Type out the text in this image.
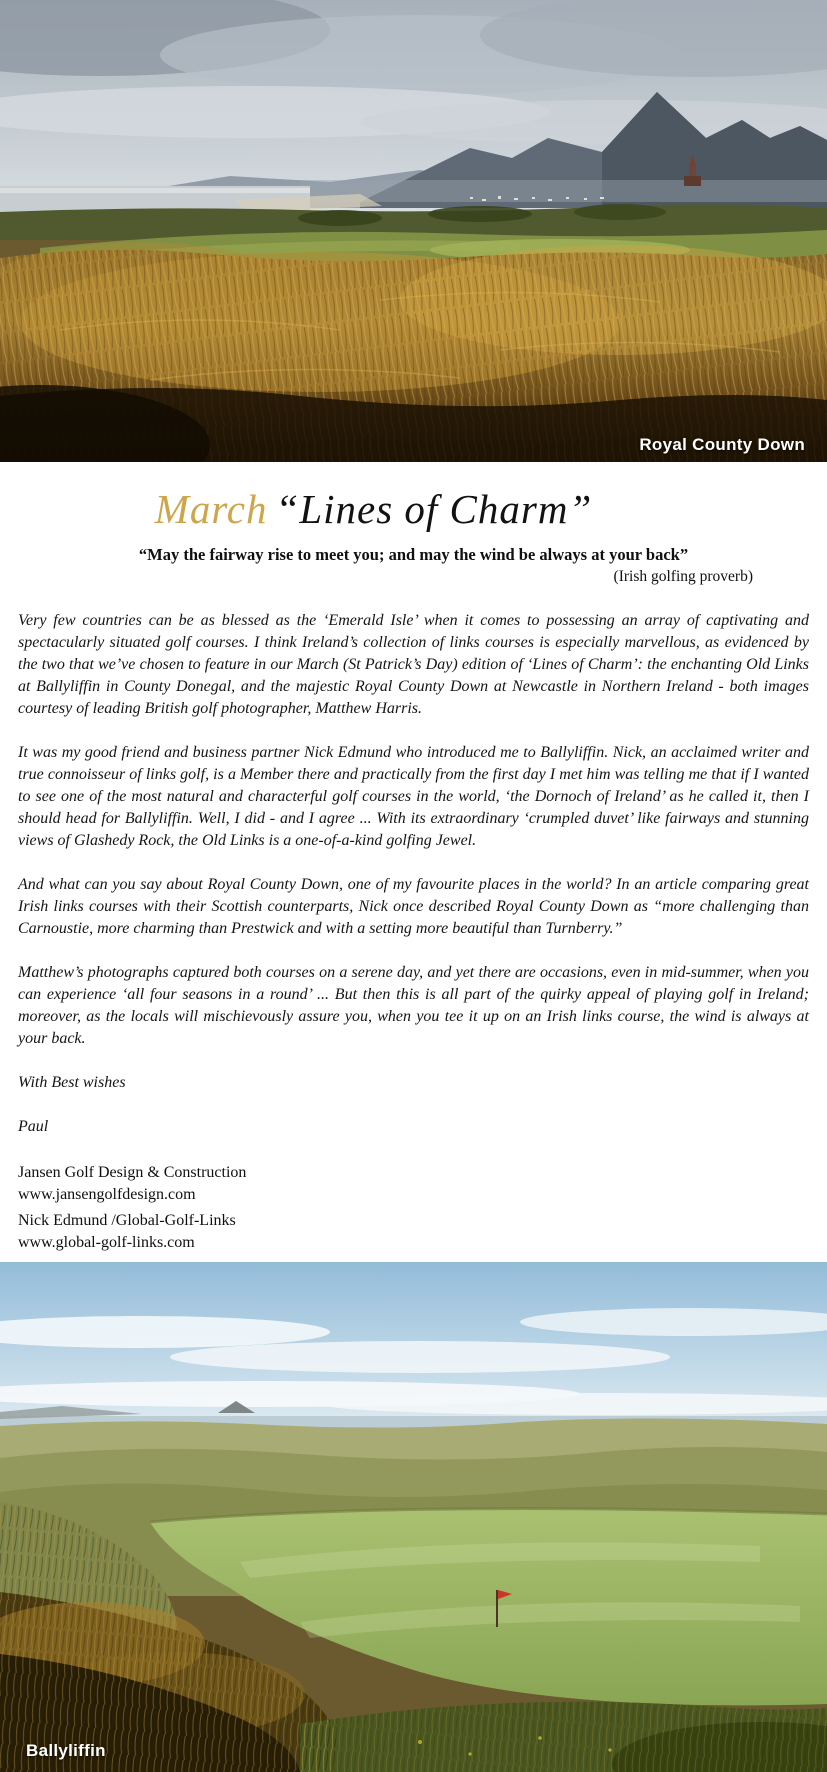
Royal County Down
March “Lines of Charm”
“May the fairway rise to meet you; and may the wind be always at your back”
(Irish golfing proverb)

Very few countries can be as blessed as the ‘Emerald Isle’ when it comes to possessing an array of captivating and spectacularly situated golf courses. I think Ireland’s collection of links courses is especially marvellous, as evidenced by the two that we’ve chosen to feature in our March (St Patrick’s Day) edition of ‘Lines of Charm’: the enchanting Old Links at Ballyliffin in County Donegal, and the majestic Royal County Down at Newcastle in Northern Ireland - both images courtesy of leading British golf photographer, Matthew Harris.

It was my good friend and business partner Nick Edmund who introduced me to Ballyliffin. Nick, an acclaimed writer and true connoisseur of links golf, is a Member there and practically from the first day I met him was telling me that if I wanted to see one of the most natural and characterful golf courses in the world, ‘the Dornoch of Ireland’ as he called it, then I should head for Ballyliffin. Well, I did - and I agree ... With its extraordinary ‘crumpled duvet’ like fairways and stunning views of Glashedy Rock, the Old Links is a one-of-a-kind golfing Jewel.

And what can you say about Royal County Down, one of my favourite places in the world? In an article comparing great Irish links courses with their Scottish counterparts, Nick once described Royal County Down as “more challenging than Carnoustie, more charming than Prestwick and with a setting more beautiful than Turnberry.”

Matthew’s photographs captured both courses on a serene day, and yet there are occasions, even in mid-summer, when you can experience ‘all four seasons in a round’ ... But then this is all part of the quirky appeal of playing golf in Ireland; moreover, as the locals will mischievously assure you, when you tee it up on an Irish links course, the wind is always at your back.

With Best wishes

Paul

Jansen Golf Design & Construction
www.jansengolfdesign.com
Nick Edmund /Global-Golf-Links
www.global-golf-links.com
Ballyliffin
